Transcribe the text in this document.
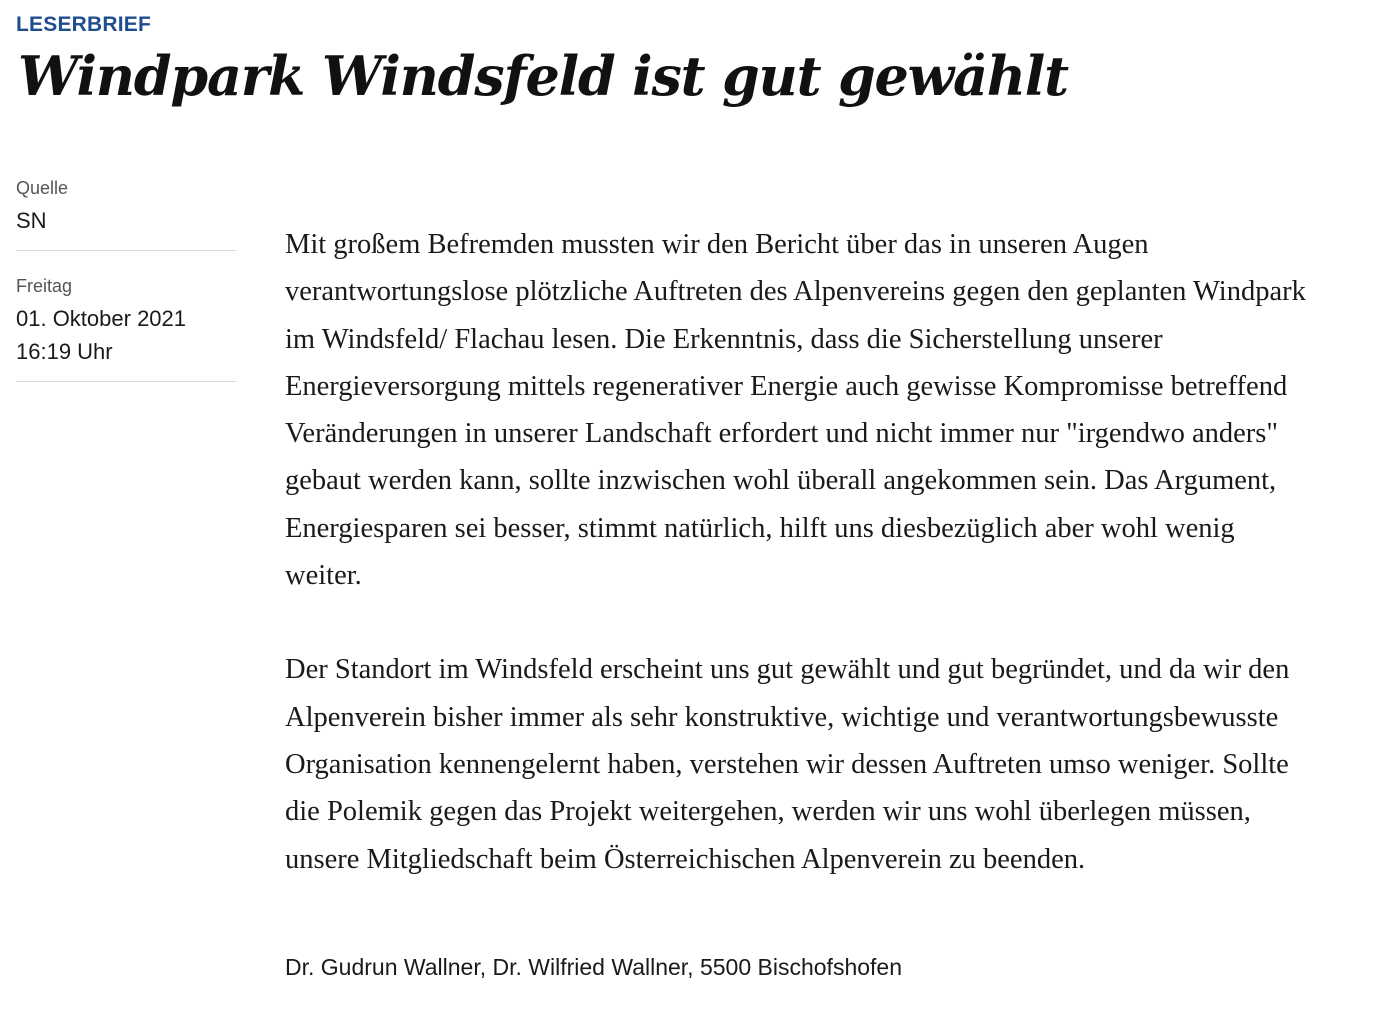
LESERBRIEF
Windpark Windsfeld ist gut gewählt
Quelle
SN
Freitag
01. Oktober 2021
16:19 Uhr

Mit großem Befremden mussten wir den Bericht über das in unseren Augen verantwortungslose plötzliche Auftreten des Alpenvereins gegen den geplanten Windpark im Windsfeld/ Flachau lesen. Die Erkenntnis, dass die Sicherstellung unserer Energieversorgung mittels regenerativer Energie auch gewisse Kompromisse betreffend Veränderungen in unserer Landschaft erfordert und nicht immer nur "irgendwo anders" gebaut werden kann, sollte inzwischen wohl überall angekommen sein. Das Argument, Energiesparen sei besser, stimmt natürlich, hilft uns diesbezüglich aber wohl wenig weiter.

Der Standort im Windsfeld erscheint uns gut gewählt und gut begründet, und da wir den Alpenverein bisher immer als sehr konstruktive, wichtige und verantwortungsbewusste Organisation kennengelernt haben, verstehen wir dessen Auftreten umso weniger. Sollte die Polemik gegen das Projekt weitergehen, werden wir uns wohl überlegen müssen, unsere Mitgliedschaft beim Österreichischen Alpenverein zu beenden.

Dr. Gudrun Wallner, Dr. Wilfried Wallner, 5500 Bischofshofen
